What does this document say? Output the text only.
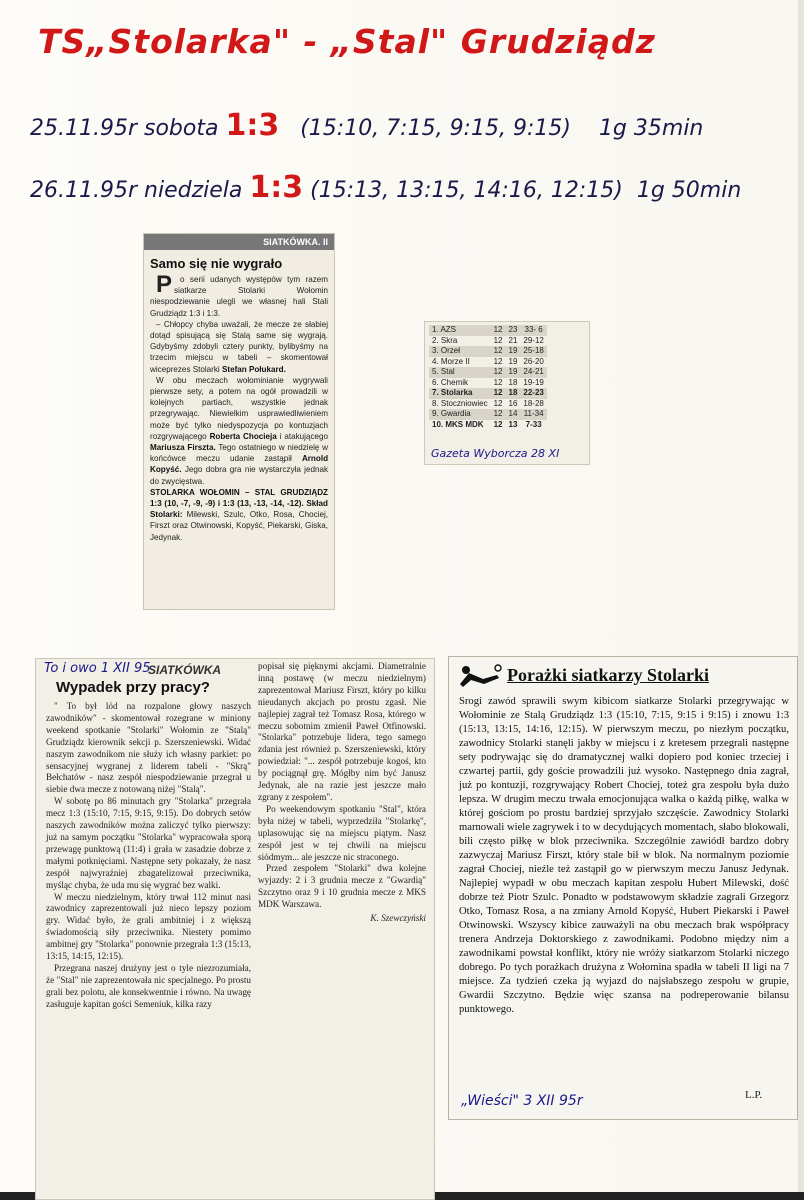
TS„Stolarka" - „Stal" Grudziądz
25.11.95r sobota 1:3 (15:10, 7:15, 9:15, 9:15) 1g 35min
26.11.95r niedziela 1:3 (15:13, 13:15, 14:16, 12:15) 1g 50min
SIATKÓWKA. II
Samo się nie wygrało

Po serii udanych występów tym razem siatkarze Stolarki Wołomin niespodziewanie ulegli we własnej hali Stali Grudziądz 1:3 i 1:3.

– Chłopcy chyba uważali, że mecze ze słabiej dotąd spisującą się Stalą same się wygrają. Gdybyśmy zdobyli cztery punkty, bylibyśmy na trzecim miejscu w tabeli – skomentował wiceprezes Stolarki Stefan Połukard.

W obu meczach wołominianie wygrywali pierwsze sety, a potem na ogół prowadzili w kolejnych partiach, wszystkie jednak przegrywając. Niewielkim usprawiedliwieniem może być tylko niedyspozycja po kontuzjach rozgrywającego Roberta Chocieja i atakującego Mariusza Firszta. Tego ostatniego w niedzielę w końcówce meczu udanie zastąpił Arnold Kopyść. Jego dobra gra nie wystarczyła jednak do zwycięstwa.

STOLARKA WOŁOMIN – STAL GRUDZIĄDZ 1:3 (10, -7, -9, -9) i 1:3 (13, -13, -14, -12). Skład Stolarki: Milewski, Szulc, Otko, Rosa, Chociej, Firszt oraz Otwinowski, Kopyść, Piekarski, Giska, Jedynak.

1. AZS	12	23	33- 6
2. Skra	12	21	29-12
3. Orzeł	12	19	25-18
4. Morze II	12	19	26-20
5. Stal	12	19	24-21
6. Chemik	12	18	19-19
7. Stolarka	12	18	22-23
8. Stoczniowiec	12	16	18-28
9. Gwardia	12	14	11-34
10. MKS MDK	12	13	7-33
Gazeta Wyborcza 28 XI
To i owo 1 XII 95
SIATKÓWKA
Wypadek przy pracy?

" To był lód na rozpalone głowy naszych zawodników" - skomentował rozegrane w miniony weekend spotkanie "Stolarki" Wołomin ze "Stalą" Grudziądz kierownik sekcji p. Szerszeniewski. Widać naszym zawodnikom nie służy ich własny parkiet: po sensacyjnej wygranej z liderem tabeli - "Skrą" Bełchatów - nasz zespół niespodziewanie przegrał u siebie dwa mecze z notowaną niżej "Stalą".

W sobotę po 86 minutach gry "Stolarka" przegrała mecz 1:3 (15:10, 7:15, 9:15, 9:15). Do dobrych setów naszych zawodników można zaliczyć tylko pierwszy: już na samym początku "Stolarka" wypracowała sporą przewagę punktową (11:4) i grała w zasadzie dobrze z małymi potknięciami. Następne sety pokazały, że nasz zespół najwyraźniej zbagatelizował przeciwnika, myśląc chyba, że uda mu się wygrać bez walki.

W meczu niedzielnym, który trwał 112 minut nasi zawodnicy zaprezentowali już nieco lepszy poziom gry. Widać było, że grali ambitniej i z większą świadomością siły przeciwnika. Niestety pomimo ambitnej gry "Stolarka" ponownie przegrała 1:3 (15:13, 13:15, 14:15, 12:15).

Przegrana naszej drużyny jest o tyle niezrozumiała, że "Stal" nie zaprezentowała nic specjalnego. Po prostu grali bez polotu, ale konsekwentnie i równo. Na uwagę zasługuje kapitan gości Semeniuk, kilka razy

popisał się pięknymi akcjami. Diametralnie inną postawę (w meczu niedzielnym) zaprezentował Mariusz Firszt, który po kilku nieudanych akcjach po prostu zgasł. Nie najlepiej zagrał też Tomasz Rosa, którego w meczu sobotnim zmienił Paweł Otfinowski. "Stolarka" potrzebuje lidera, tego samego zdania jest również p. Szerszeniewski, który powiedział: "... zespół potrzebuje kogoś, kto by pociągnął grę. Mógłby nim być Janusz Jedynak, ale na razie jest jeszcze mało zgrany z zespołem".

Po weekendowym spotkaniu "Stal", która była niżej w tabeli, wyprzedziła "Stolarkę", uplasowując się na miejscu piątym. Nasz zespół jest w tej chwili na miejscu siódmym... ale jeszcze nic straconego.

Przed zespołem "Stolarki" dwa kolejne wyjazdy: 2 i 3 grudnia mecze z "Gwardią" Szczytno oraz 9 i 10 grudnia mecze z MKS MDK Warszawa.

K. Szewczyński
Porażki siatkarzy Stolarki

Srogi zawód sprawili swym kibicom siatkarze Stolarki przegrywając w Wołominie ze Stalą Grudziądz 1:3 (15:10, 7:15, 9:15 i 9:15) i znowu 1:3 (15:13, 13:15, 14:16, 12:15). W pierwszym meczu, po niezłym początku, zawodnicy Stolarki stanęli jakby w miejscu i z kretesem przegrali następne sety podrywając się do dramatycznej walki dopiero pod koniec trzeciej i czwartej partii, gdy goście prowadzili już wysoko. Następnego dnia zagrał, już po kontuzji, rozgrywający Robert Chociej, toteż gra zespołu była dużo lepsza. W drugim meczu trwała emocjonująca walka o każdą piłkę, walka w której gościom po prostu bardziej sprzyjało szczęście. Zawodnicy Stolarki marnowali wiele zagrywek i to w decydujących momentach, słabo blokowali, bili często piłkę w blok przeciwnika. Szczególnie zawiódł bardzo dobry zazwyczaj Mariusz Firszt, który stale bił w blok. Na normalnym poziomie zagrał Chociej, nieźle też zastąpił go w pierwszym meczu Janusz Jedynak. Najlepiej wypadł w obu meczach kapitan zespołu Hubert Milewski, dość dobrze też Piotr Szulc. Ponadto w podstawowym składzie zagrali Grzegorz Otko, Tomasz Rosa, a na zmiany Arnold Kopyść, Hubert Piekarski i Paweł Otwinowski. Wszyscy kibice zauważyli na obu meczach brak współpracy trenera Andrzeja Doktorskiego z zawodnikami. Podobno między nim a zawodnikami powstał konflikt, który nie wróży siatkarzom Stolarki niczego dobrego. Po tych porażkach drużyna z Wołomina spadła w tabeli II ligi na 7 miejsce. Za tydzień czeka ją wyjazd do najsłabszego zespołu w grupie, Gwardii Szczytno. Będzie więc szansa na podreperowanie bilansu punktowego.

„Wieści" 3 XII 95r	L.P.
